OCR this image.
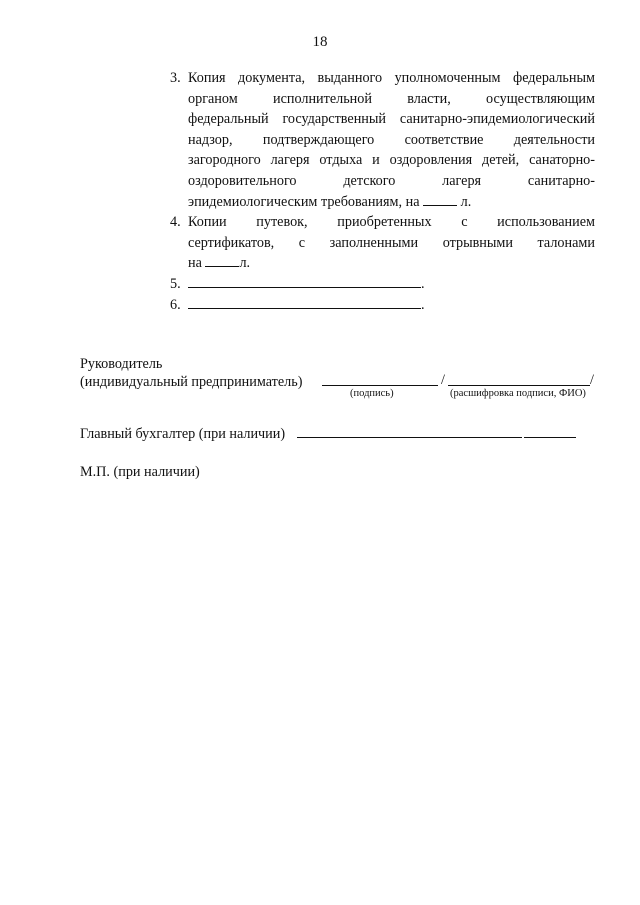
18
3. Копия документа, выданного уполномоченным федеральным
органом исполнительной власти, осуществляющим
федеральный государственный санитарно-эпидемиологический
надзор, подтверждающего соответствие деятельности
загородного лагеря отдыха и оздоровления детей, санаторно-
оздоровительного детского лагеря санитарно-
эпидемиологическим требованиям, на	л.
4. Копии путевок, приобретенных с использованием
сертификатов, с заполненными отрывными талонами
на	л.
5.	.
6.	.
Руководитель
(индивидуальный предприниматель)	/	/
(подпись)	(расшифровка подписи, ФИО)
Главный бухгалтер (при наличии)
М.П. (при наличии)
